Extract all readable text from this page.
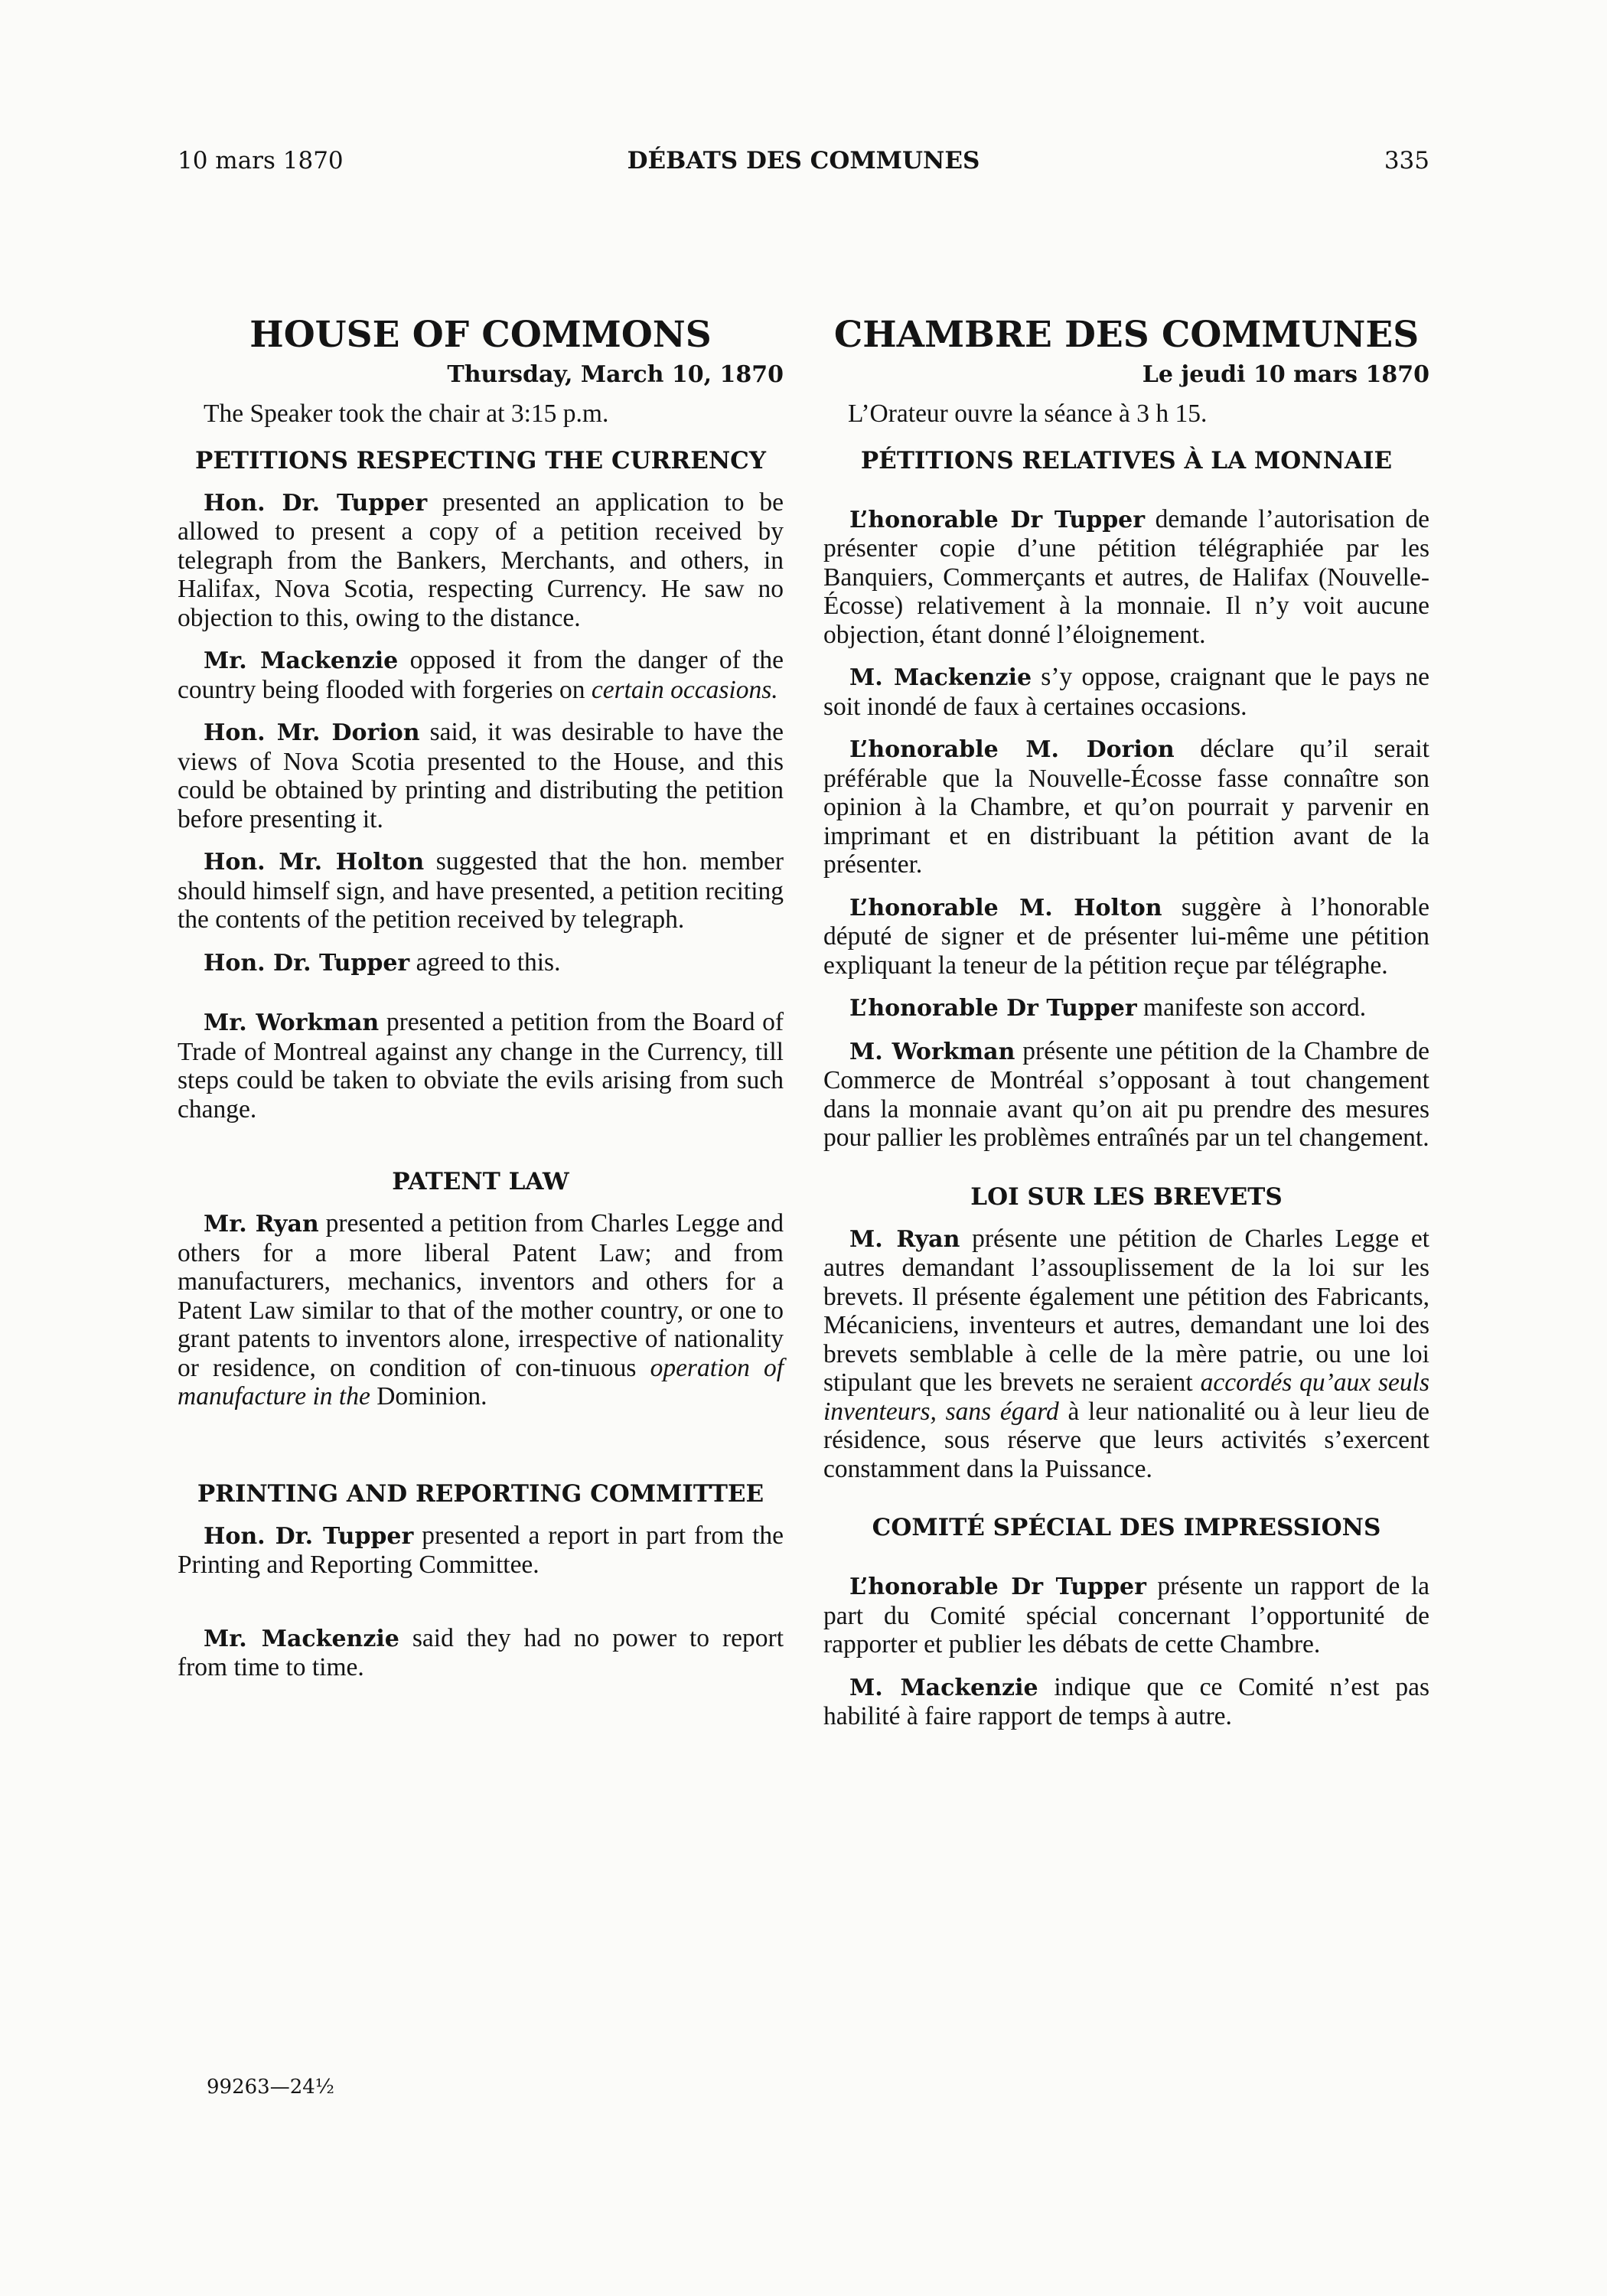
10 mars 1870	DÉBATS DES COMMUNES	335
HOUSE OF COMMONS
Thursday, March 10, 1870

The Speaker took the chair at 3:15 p.m.

PETITIONS RESPECTING THE CURRENCY

Hon. Dr. Tupper presented an application to be allowed to present a copy of a petition received by telegraph from the Bankers, Merchants, and others, in Halifax, Nova Scotia, respecting Currency. He saw no objection to this, owing to the distance.

Mr. Mackenzie opposed it from the danger of the country being flooded with forgeries on certain occasions.

Hon. Mr. Dorion said, it was desirable to have the views of Nova Scotia presented to the House, and this could be obtained by printing and distributing the petition before presenting it.

Hon. Mr. Holton suggested that the hon. member should himself sign, and have presented, a petition reciting the contents of the petition received by telegraph.

Hon. Dr. Tupper agreed to this.

Mr. Workman presented a petition from the Board of Trade of Montreal against any change in the Currency, till steps could be taken to obviate the evils arising from such change.

PATENT LAW

Mr. Ryan presented a petition from Charles Legge and others for a more liberal Patent Law; and from manufacturers, mechanics, inventors and others for a Patent Law similar to that of the mother country, or one to grant patents to inventors alone, irrespective of nationality or residence, on condition of con-tinuous operation of manufacture in the Dominion.

PRINTING AND REPORTING COMMITTEE

Hon. Dr. Tupper presented a report in part from the Printing and Reporting Committee.

Mr. Mackenzie said they had no power to report from time to time.

CHAMBRE DES COMMUNES
Le jeudi 10 mars 1870

L’Orateur ouvre la séance à 3 h 15.

PÉTITIONS RELATIVES À LA MONNAIE

L’honorable Dr Tupper demande l’autorisation de présenter copie d’une pétition télégraphiée par les Banquiers, Commerçants et autres, de Halifax (Nouvelle-Écosse) relativement à la monnaie. Il n’y voit aucune objection, étant donné l’éloignement.

M. Mackenzie s’y oppose, craignant que le pays ne soit inondé de faux à certaines occasions.

L’honorable M. Dorion déclare qu’il serait préférable que la Nouvelle-Écosse fasse connaître son opinion à la Chambre, et qu’on pourrait y parvenir en imprimant et en distribuant la pétition avant de la présenter.

L’honorable M. Holton suggère à l’honorable député de signer et de présenter lui-même une pétition expliquant la teneur de la pétition reçue par télégraphe.

L’honorable Dr Tupper manifeste son accord.

M. Workman présente une pétition de la Chambre de Commerce de Montréal s’opposant à tout changement dans la monnaie avant qu’on ait pu prendre des mesures pour pallier les problèmes entraînés par un tel changement.

LOI SUR LES BREVETS

M. Ryan présente une pétition de Charles Legge et autres demandant l’assouplissement de la loi sur les brevets. Il présente également une pétition des Fabricants, Mécaniciens, inventeurs et autres, demandant une loi des brevets semblable à celle de la mère patrie, ou une loi stipulant que les brevets ne seraient accordés qu’aux seuls inventeurs, sans égard à leur nationalité ou à leur lieu de résidence, sous réserve que leurs activités s’exercent constamment dans la Puissance.

COMITÉ SPÉCIAL DES IMPRESSIONS

L’honorable Dr Tupper présente un rapport de la part du Comité spécial concernant l’opportunité de rapporter et publier les débats de cette Chambre.

M. Mackenzie indique que ce Comité n’est pas habilité à faire rapport de temps à autre.

99263—24½
